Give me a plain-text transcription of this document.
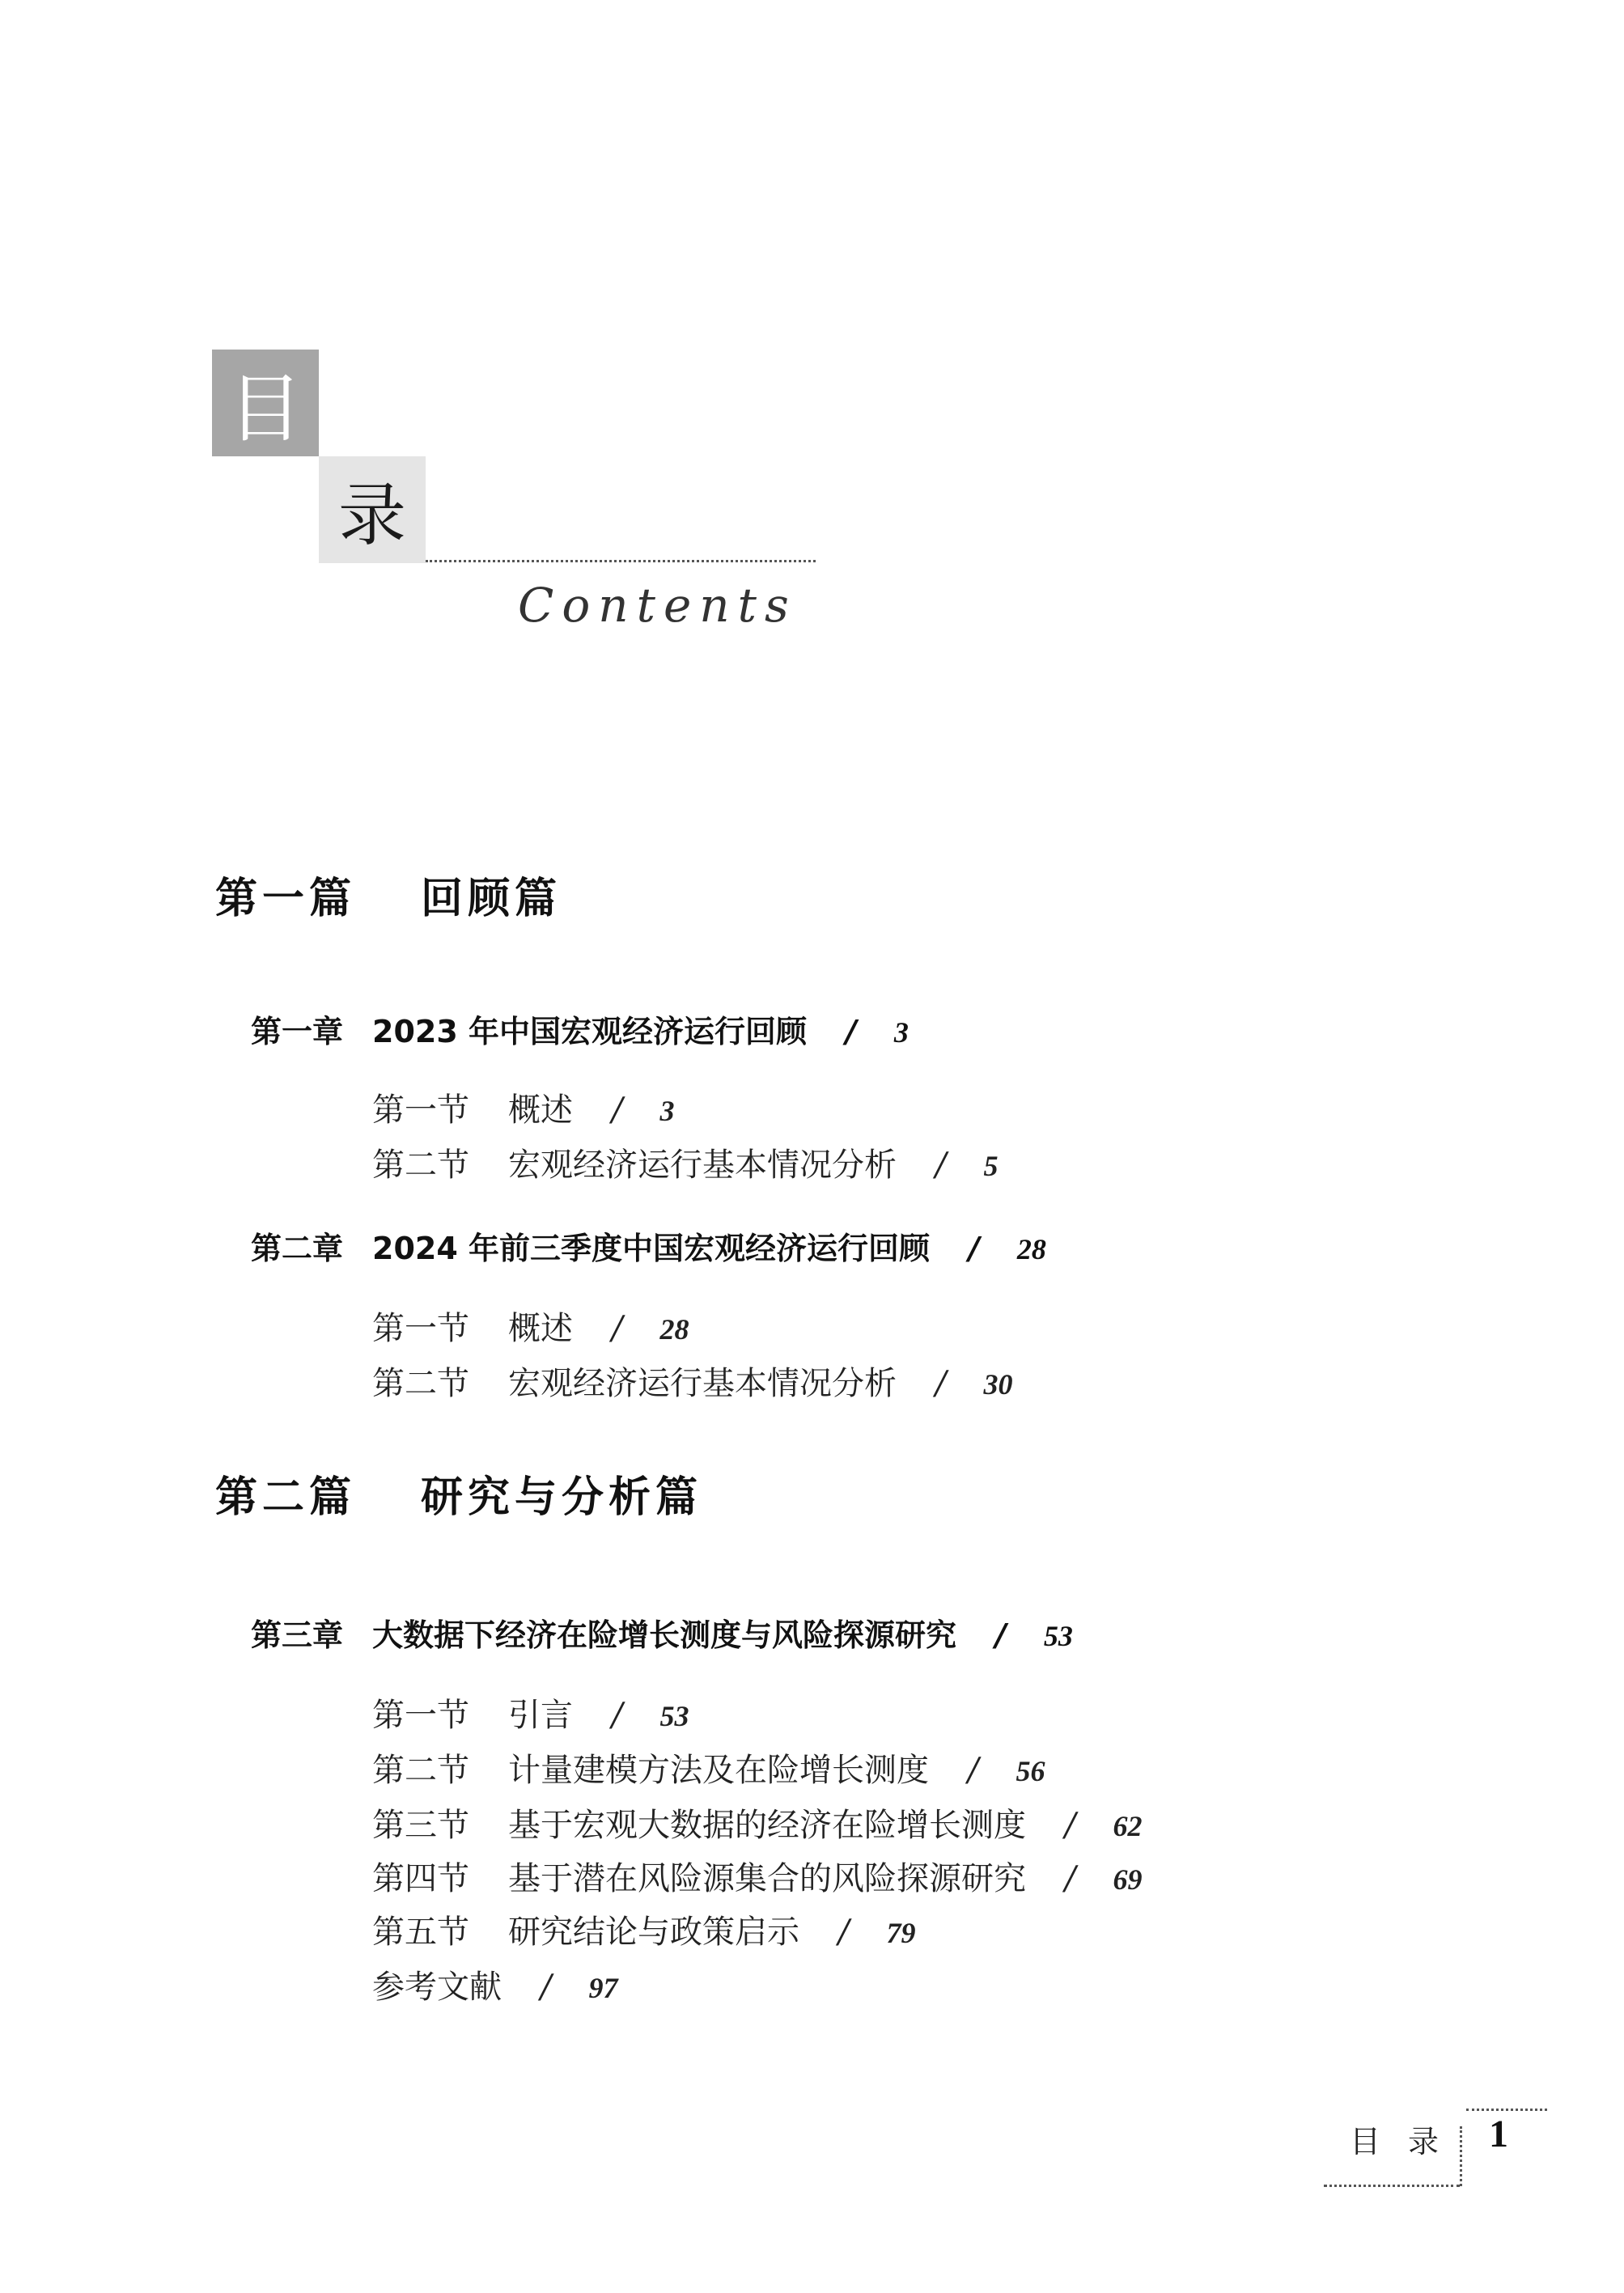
目
录
Contents
第一篇 回顾篇
第一章 2023 年中国宏观经济运行回顾 / 3
第一节 概述 / 3
第二节 宏观经济运行基本情况分析 / 5
第二章 2024 年前三季度中国宏观经济运行回顾 / 28
第一节 概述 / 28
第二节 宏观经济运行基本情况分析 / 30
第二篇 研究与分析篇
第三章 大数据下经济在险增长测度与风险探源研究 / 53
第一节 引言 / 53
第二节 计量建模方法及在险增长测度 / 56
第三节 基于宏观大数据的经济在险增长测度 / 62
第四节 基于潜在风险源集合的风险探源研究 / 69
第五节 研究结论与政策启示 / 79
参考文献 / 97
目录 1
